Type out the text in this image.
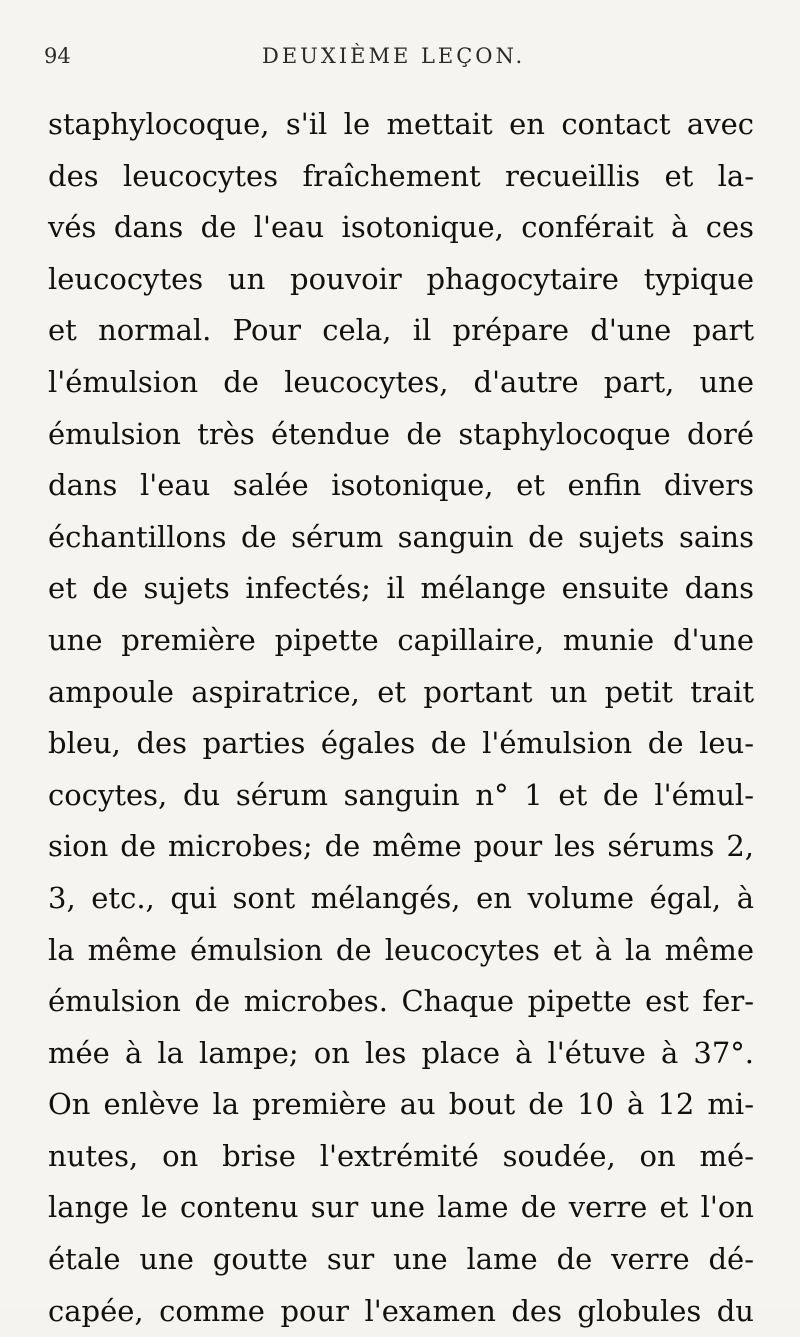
94	DEUXIÈME LEÇON.
staphylocoque, s'il le mettait en contact avec
des leucocytes fraîchement recueillis et la-
vés dans de l'eau isotonique, conférait à ces
leucocytes un pouvoir phagocytaire typique
et normal. Pour cela, il prépare d'une part
l'émulsion de leucocytes, d'autre part, une
émulsion très étendue de staphylocoque doré
dans l'eau salée isotonique, et enfin divers
échantillons de sérum sanguin de sujets sains
et de sujets infectés; il mélange ensuite dans
une première pipette capillaire, munie d'une
ampoule aspiratrice, et portant un petit trait
bleu, des parties égales de l'émulsion de leu-
cocytes, du sérum sanguin n° 1 et de l'émul-
sion de microbes; de même pour les sérums 2,
3, etc., qui sont mélangés, en volume égal, à
la même émulsion de leucocytes et à la même
émulsion de microbes. Chaque pipette est fer-
mée à la lampe; on les place à l'étuve à 37°.
On enlève la première au bout de 10 à 12 mi-
nutes, on brise l'extrémité soudée, on mé-
lange le contenu sur une lame de verre et l'on
étale une goutte sur une lame de verre dé-
capée, comme pour l'examen des globules du
